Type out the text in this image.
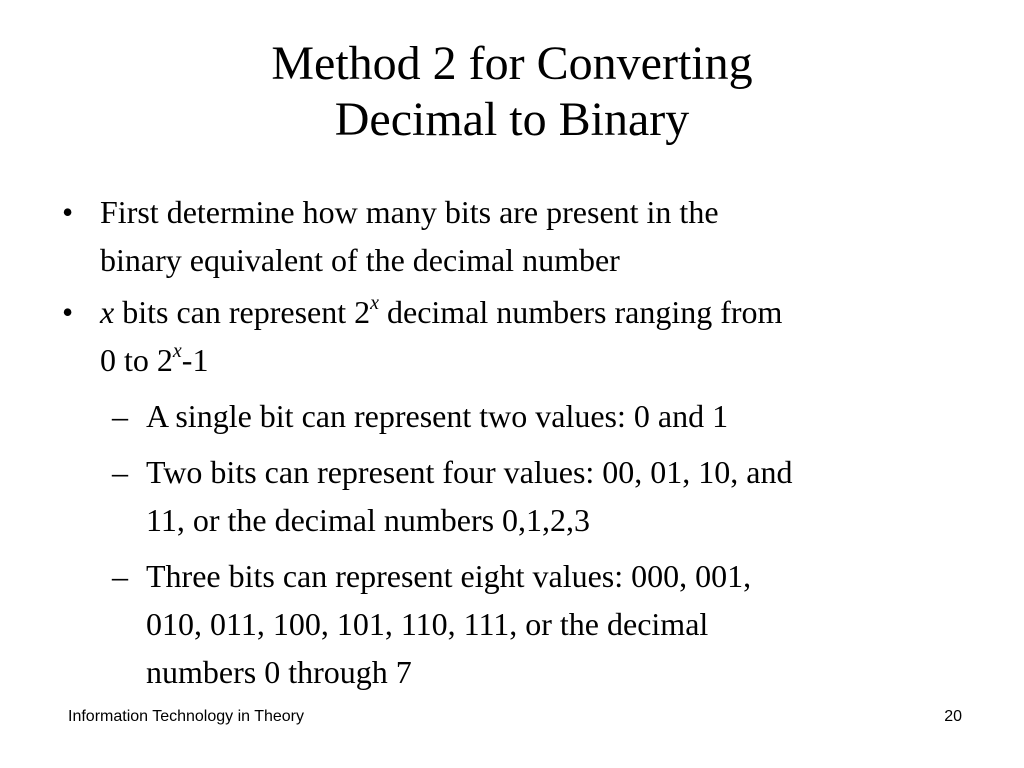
Method 2 for Converting
Decimal to Binary
• First determine how many bits are present in the
binary equivalent of the decimal number
• x bits can represent 2$^x$ decimal numbers ranging from
0 to 2$^x$-1
– A single bit can represent two values: 0 and 1
– Two bits can represent four values: 00, 01, 10, and
11, or the decimal numbers 0,1,2,3
– Three bits can represent eight values: 000, 001,
010, 011, 100, 101, 110, 111, or the decimal
numbers 0 through 7
Information Technology in Theory	20
